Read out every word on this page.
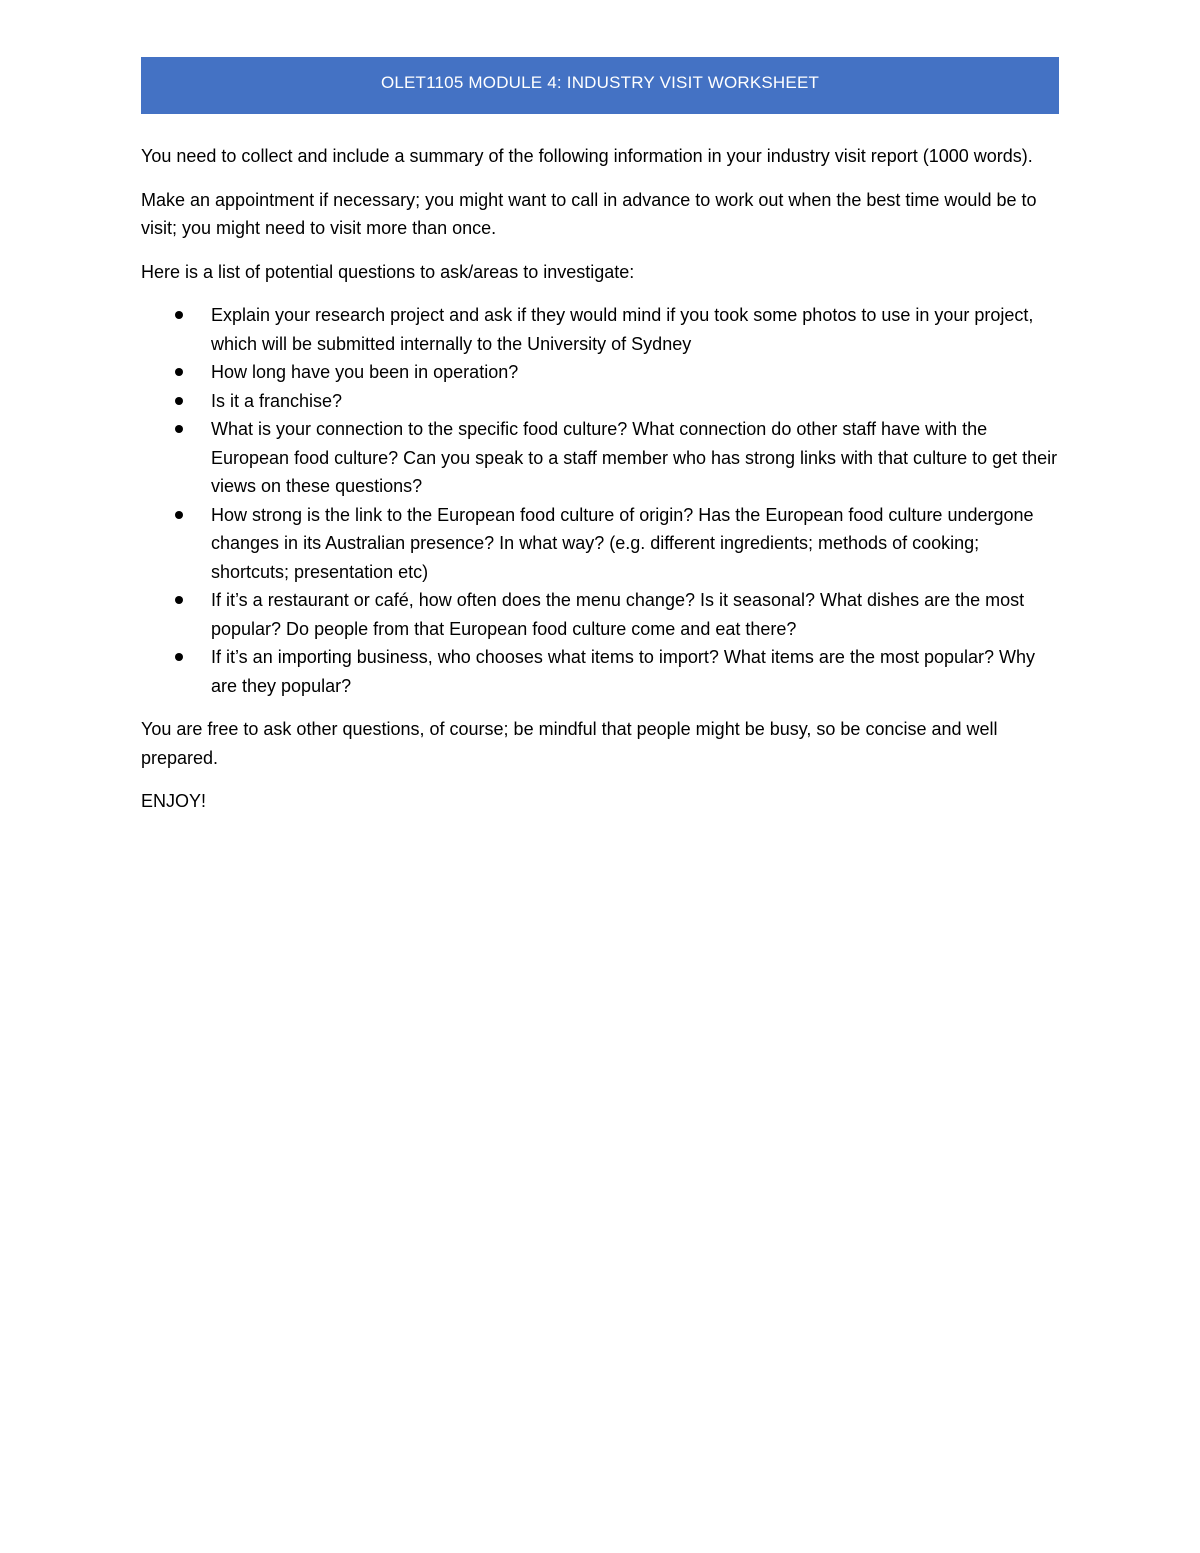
OLET1105 MODULE 4: INDUSTRY VISIT WORKSHEET

You need to collect and include a summary of the following information in your industry visit report (1000 words).

Make an appointment if necessary; you might want to call in advance to work out when the best time would be to visit; you might need to visit more than once.

Here is a list of potential questions to ask/areas to investigate:

Explain your research project and ask if they would mind if you took some photos to use in your project, which will be submitted internally to the University of Sydney
How long have you been in operation?
Is it a franchise?
What is your connection to the specific food culture? What connection do other staff have with the European food culture? Can you speak to a staff member who has strong links with that culture to get their views on these questions?
How strong is the link to the European food culture of origin? Has the European food culture undergone changes in its Australian presence? In what way? (e.g. different ingredients; methods of cooking; shortcuts; presentation etc)
If it’s a restaurant or café, how often does the menu change? Is it seasonal? What dishes are the most popular? Do people from that European food culture come and eat there?
If it’s an importing business, who chooses what items to import? What items are the most popular? Why are they popular?

You are free to ask other questions, of course; be mindful that people might be busy, so be concise and well prepared.

ENJOY!
